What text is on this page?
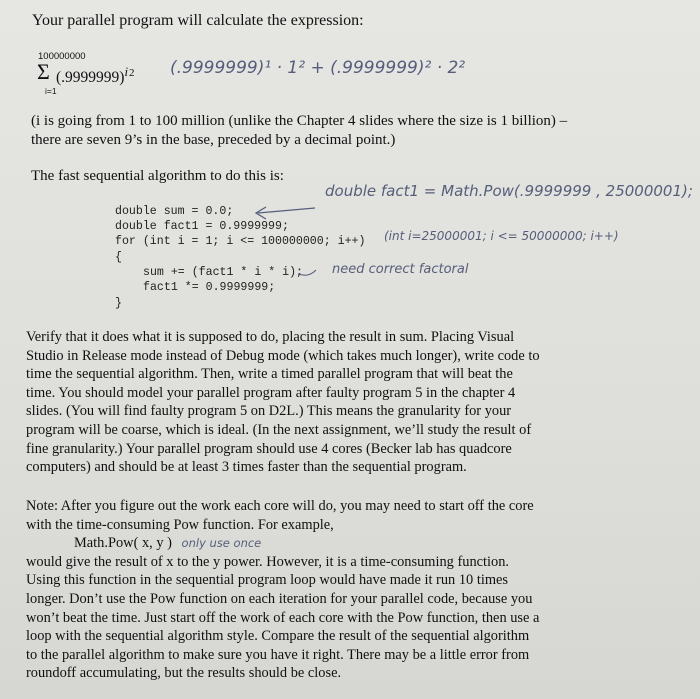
Your parallel program will calculate the expression:
100000000
Σ $(.9999999)^{i2}$
i=1
(.9999999)¹ · 1² + (.9999999)² · 2²
(i is going from 1 to 100 million (unlike the Chapter 4 slides where the size is 1 billion) –
there are seven 9’s in the base, preceded by a decimal point.)
The fast sequential algorithm to do this is:
double sum = 0.0;
double fact1 = 0.9999999;
for (int i = 1; i <= 100000000; i++)
{
sum += (fact1 * i * i);
fact1 *= 0.9999999;
}
double fact1 = Math.Pow(.9999999 , 25000001);
(int i=25000001; i <= 50000000; i++)
need correct factoral
Verify that it does what it is supposed to do, placing the result in sum. Placing Visual
Studio in Release mode instead of Debug mode (which takes much longer), write code to
time the sequential algorithm. Then, write a timed parallel program that will beat the
time. You should model your parallel program after faulty program 5 in the chapter 4
slides. (You will find faulty program 5 on D2L.) This means the granularity for your
program will be coarse, which is ideal. (In the next assignment, we’ll study the result of
fine granularity.) Your parallel program should use 4 cores (Becker lab has quadcore
computers) and should be at least 3 times faster than the sequential program.
Note: After you figure out the work each core will do, you may need to start off the core
with the time-consuming Pow function. For example,
Math.Pow( x, y ) only use once
would give the result of x to the y power. However, it is a time-consuming function.
Using this function in the sequential program loop would have made it run 10 times
longer. Don’t use the Pow function on each iteration for your parallel code, because you
won’t beat the time. Just start off the work of each core with the Pow function, then use a
loop with the sequential algorithm style. Compare the result of the sequential algorithm
to the parallel algorithm to make sure you have it right. There may be a little error from
roundoff accumulating, but the results should be close.
